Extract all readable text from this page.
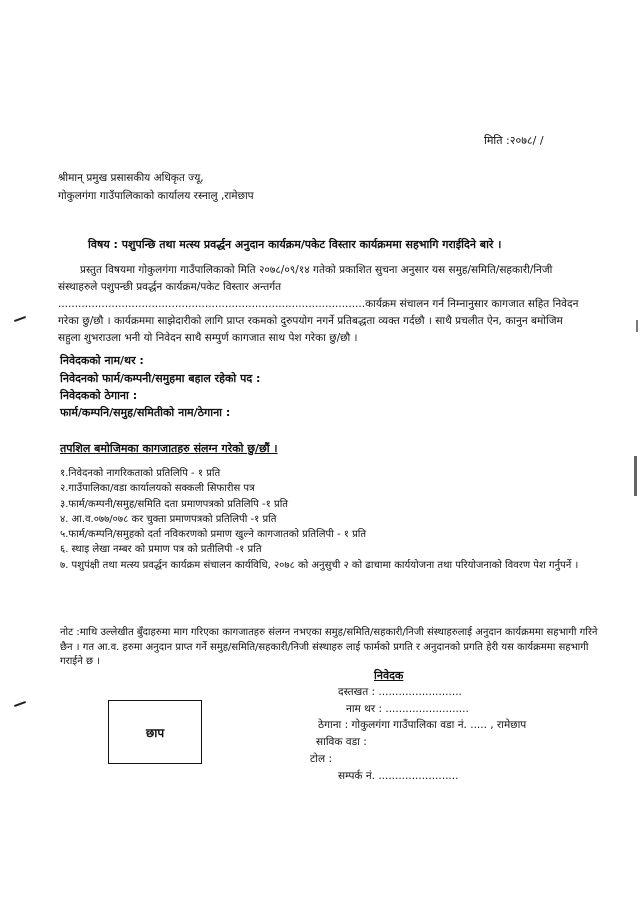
मिति :२०७८/ /
श्रीमान् प्रमुख प्रसासकीय अधिकृत ज्यू,
गोकुलगंगा गाउँपालिकाको कार्यालय रस्नालु ,रामेछाप
विषय : पशुपन्छि तथा मत्स्य प्रवर्द्धन अनुदान कार्यक्रम/पकेट विस्तार कार्यक्रममा सहभागि गराईदिने बारे ।
प्रस्तुत विषयमा गोकुलगंगा गाउँपालिकाको मिति २०७८/०९/१४ गतेको प्रकाशित सुचना अनुसार यस समुह/समिति/सहकारी/निजी संस्थाहरुले पशुपन्छी प्रवर्द्धन कार्यक्रम/पकेट विस्तार अन्तर्गत ............................................................................................कार्यक्रम संचालन गर्न निम्नानुसार कागजात सहित निवेदन गरेका छु/छौ । कार्यक्रममा साझेदारीको लागि प्राप्त रकमको दुरुपयोग नगर्ने प्रतिबद्धता व्यक्त गर्दछौ । साथै प्रचलीत ऐन, कानुन बमोजिम सहुला शुभराउला भनी यो निवेदन साथै सम्पुर्ण कागजात साथ पेश गरेका छु/छौ ।
निवेदकको नाम/थर :
निवेदनको फार्म/कम्पनी/समुहमा बहाल रहेको पद :
निवेदकको ठेगाना :
फार्म/कम्पनि/समुह/समितीको नाम/ठेगाना :
तपशिल बमोजिमका कागजातहरु संलग्न गरेको छु/छौं ।
१.निवेदनको नागरिकताको प्रतिलिपि - १ प्रति
२.गाउँपालिका/वडा कार्यालयको सक्कली सिफारीस पत्र
३.फार्म/कम्पनी/समुह/समिति दता प्रमाणपत्रको प्रतिलिपि -१ प्रति
४. आ.व.०७७/०७८ कर चुक्ता प्रमाणपत्रको प्रतिलिपी -१ प्रति
५.फार्म/कम्पनि/समुहको दर्ता नविकरणको प्रमाण खुल्ने कागजातको प्रतिलिपी - १ प्रति
६. स्थाइ लेखा नम्बर को प्रमाण पत्र को प्रतीलिपी -१ प्रति
७. पशुपंक्षी तथा मत्स्य प्रवर्द्धन कार्यक्रम संचालन कार्यविधि, २०७८ को अनुसुची २ को ढाचामा कार्ययोजना तथा परियोजनाको विवरण पेश गर्नुपर्ने ।
नोट :माथि उल्लेखीत बुँदाहरुमा माग गरिएका कागजातहरु संलग्न नभएका समुह/समिति/सहकारी/निजी संस्थाहरुलाई अनुदान कार्यक्रममा सहभागी गरिने छैन । गत आ.व. हरुमा अनुदान प्राप्त गर्ने समुह/समिति/सहकारी/निजी संस्थाहरु लाई फार्मको प्रगति र अनुदानको प्रगति हेरी यस कार्यक्रममा सहभागी गराईने छ ।
निवेदक
दस्तखत : .........................
नाम थर : .........................
ठेगाना : गोकुलगंगा गाउँपालिका वडा नं. ..... , रामेछाप
साविक वडा :
टोल :
सम्पर्क नं. ........................
छाप
